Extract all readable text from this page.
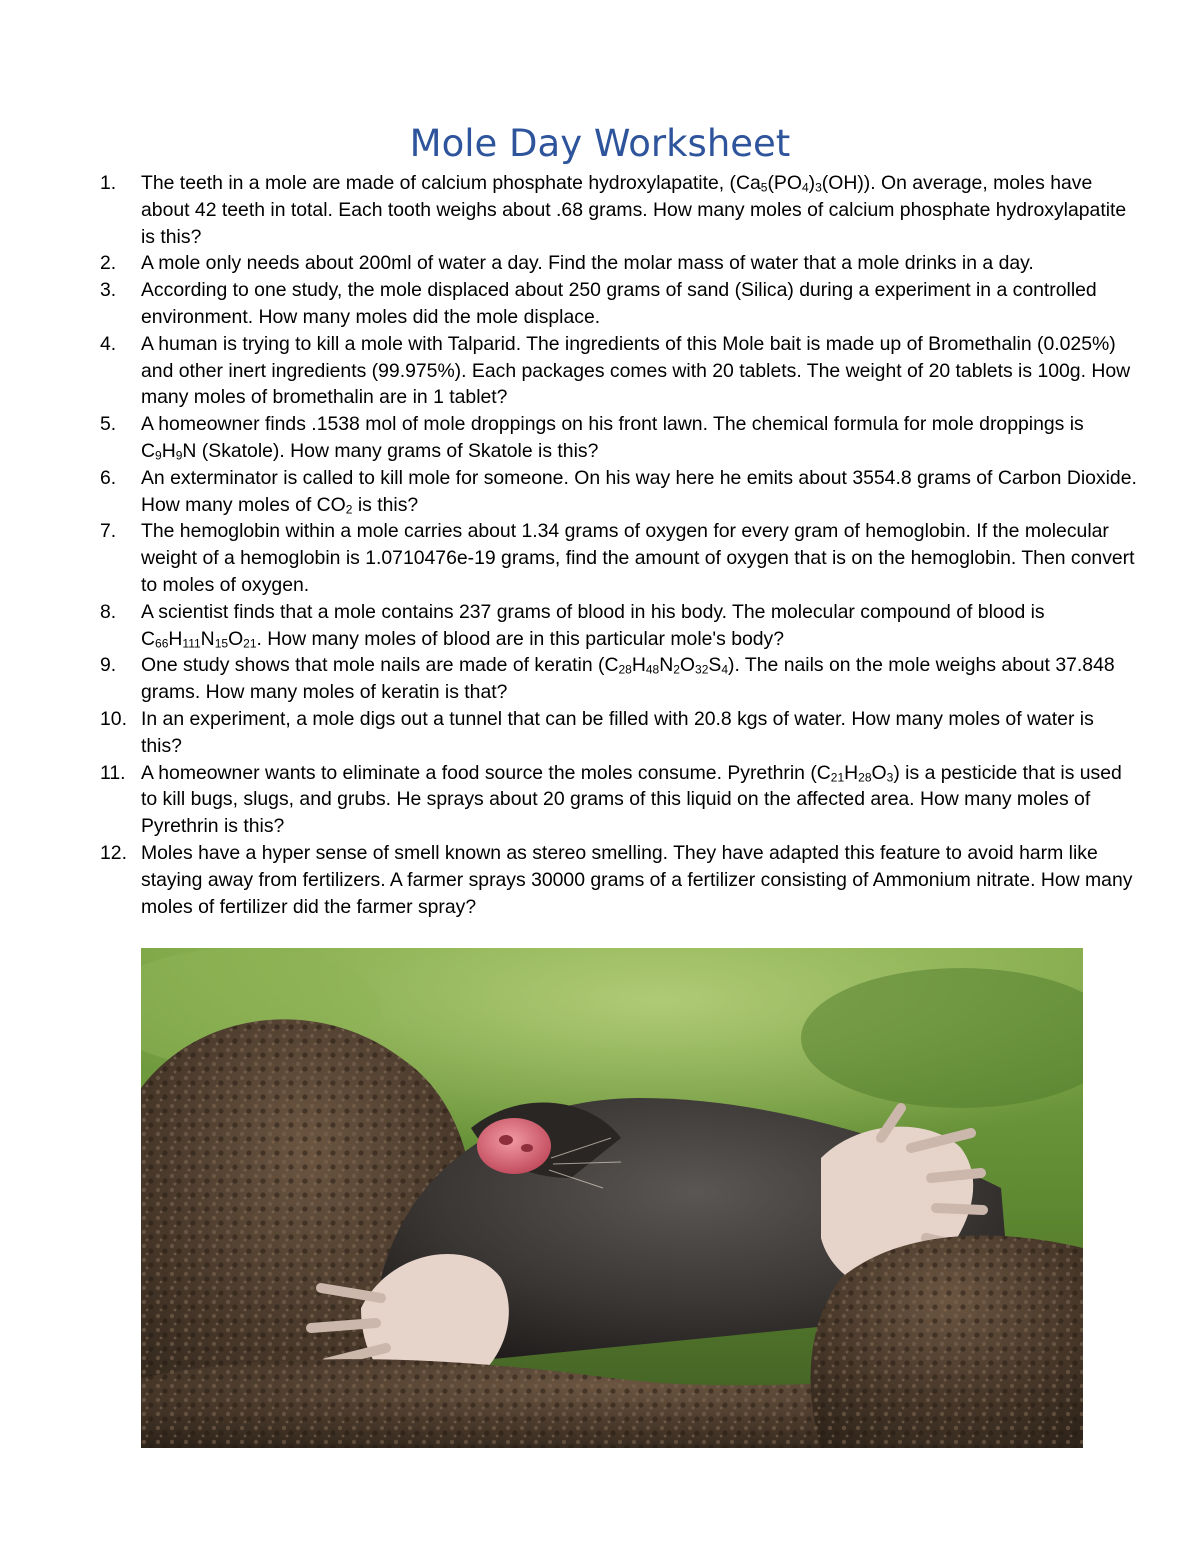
Mole Day Worksheet
1.	The teeth in a mole are made of calcium phosphate hydroxylapatite, $(Ca_5(PO_4)_3(OH))$. On average, moles have about 42 teeth in total. Each tooth weighs about .68 grams. How many moles of calcium phosphate hydroxylapatite is this?
2.	A mole only needs about 200ml of water a day. Find the molar mass of water that a mole drinks in a day.
3.	According to one study, the mole displaced about 250 grams of sand (Silica) during a experiment in a controlled environment. How many moles did the mole displace.
4.	A human is trying to kill a mole with Talparid. The ingredients of this Mole bait is made up of Bromethalin (0.025%) and other inert ingredients (99.975%). Each packages comes with 20 tablets. The weight of 20 tablets is 100g. How many moles of bromethalin are in 1 tablet?
5.	A homeowner finds .1538 mol of mole droppings on his front lawn. The chemical formula for mole droppings is $C_9H_9N$ (Skatole). How many grams of Skatole is this?
6.	An exterminator is called to kill mole for someone. On his way here he emits about 3554.8 grams of Carbon Dioxide. How many moles of $CO_2$ is this?
7.	The hemoglobin within a mole carries about 1.34 grams of oxygen for every gram of hemoglobin. If the molecular weight of a hemoglobin is 1.0710476e-19 grams, find the amount of oxygen that is on the hemoglobin. Then convert to moles of oxygen.
8.	A scientist finds that a mole contains 237 grams of blood in his body. The molecular compound of blood is $C_{66}H_{111}N_{15}O_{21}$. How many moles of blood are in this particular mole's body?
9.	One study shows that mole nails are made of keratin $(C_{28}H_{48}N_2O_{32}S_4)$. The nails on the mole weighs about 37.848 grams. How many moles of keratin is that?
10. In an experiment, a mole digs out a tunnel that can be filled with 20.8 kgs of water. How many moles of water is this?
11. A homeowner wants to eliminate a food source the moles consume. Pyrethrin $(C_{21}H_{28}O_3)$ is a pesticide that is used to kill bugs, slugs, and grubs. He sprays about 20 grams of this liquid on the affected area. How many moles of Pyrethrin is this?
12. Moles have a hyper sense of smell known as stereo smelling. They have adapted this feature to avoid harm like staying away from fertilizers. A farmer sprays 30000 grams of a fertilizer consisting of Ammonium nitrate. How many moles of fertilizer did the farmer spray?
